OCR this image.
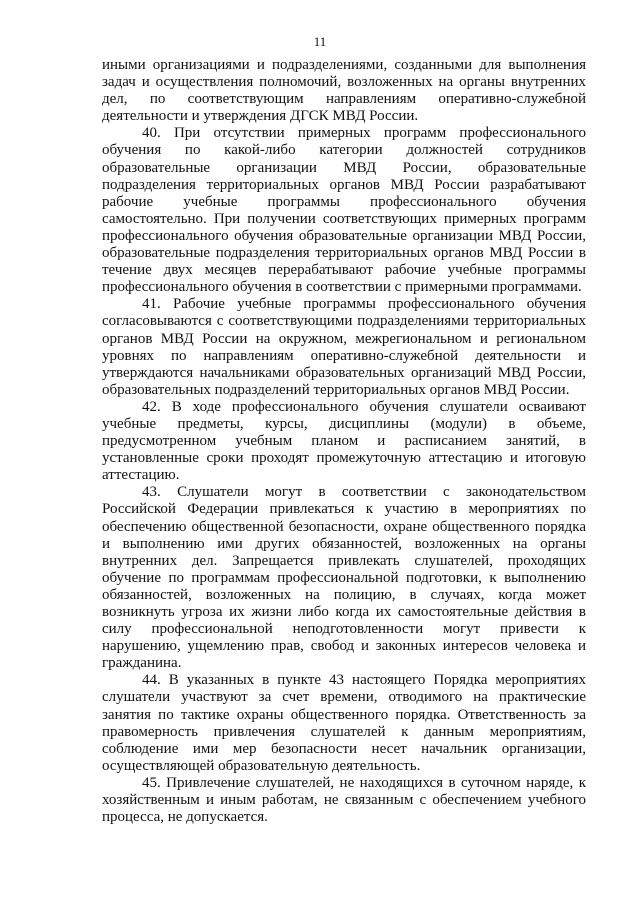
11

иными организациями и подразделениями, созданными для выполнения задач и осуществления полномочий, возложенных на органы внутренних дел, по соответствующим направлениям оперативно-служебной деятельности и утверждения ДГСК МВД России.

40. При отсутствии примерных программ профессионального обучения по какой-либо категории должностей сотрудников образовательные организации МВД России, образовательные подразделения территориальных органов МВД России разрабатывают рабочие учебные программы профессионального обучения самостоятельно. При получении соответствующих примерных программ профессионального обучения образовательные организации МВД России, образовательные подразделения территориальных органов МВД России в течение двух месяцев перерабатывают рабочие учебные программы профессионального обучения в соответствии с примерными программами.

41. Рабочие учебные программы профессионального обучения согласовываются с соответствующими подразделениями территориальных органов МВД России на окружном, межрегиональном и региональном уровнях по направлениям оперативно-служебной деятельности и утверждаются начальниками образовательных организаций МВД России, образовательных подразделений территориальных органов МВД России.

42. В ходе профессионального обучения слушатели осваивают учебные предметы, курсы, дисциплины (модули) в объеме, предусмотренном учебным планом и расписанием занятий, в установленные сроки проходят промежуточную аттестацию и итоговую аттестацию.

43. Слушатели могут в соответствии с законодательством Российской Федерации привлекаться к участию в мероприятиях по обеспечению общественной безопасности, охране общественного порядка и выполнению ими других обязанностей, возложенных на органы внутренних дел. Запрещается привлекать слушателей, проходящих обучение по программам профессиональной подготовки, к выполнению обязанностей, возложенных на полицию, в случаях, когда может возникнуть угроза их жизни либо когда их самостоятельные действия в силу профессиональной неподготовленности могут привести к нарушению, ущемлению прав, свобод и законных интересов человека и гражданина.

44. В указанных в пункте 43 настоящего Порядка мероприятиях слушатели участвуют за счет времени, отводимого на практические занятия по тактике охраны общественного порядка. Ответственность за правомерность привлечения слушателей к данным мероприятиям, соблюдение ими мер безопасности несет начальник организации, осуществляющей образовательную деятельность.

45. Привлечение слушателей, не находящихся в суточном наряде, к хозяйственным и иным работам, не связанным с обеспечением учебного процесса, не допускается.
